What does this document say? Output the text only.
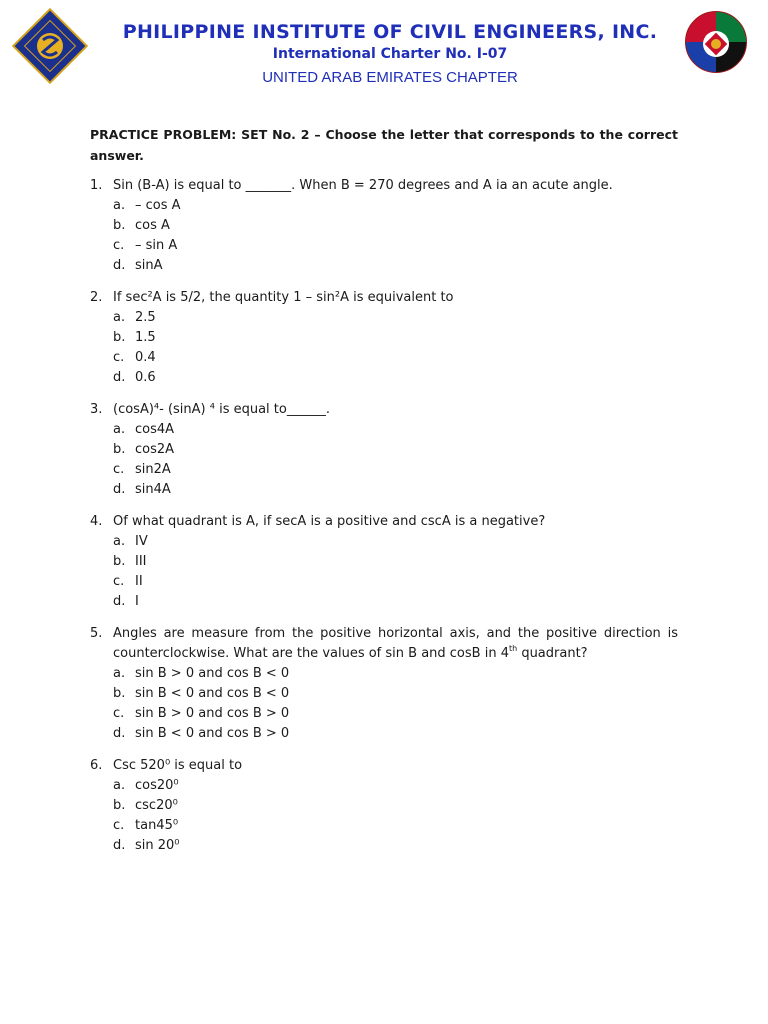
PHILIPPINE INSTITUTE OF CIVIL ENGINEERS, INC.
International Charter No. I-07
UNITED ARAB EMIRATES CHAPTER

PRACTICE PROBLEM: SET No. 2 – Choose the letter that corresponds to the correct answer.

1. Sin (B-A) is equal to _______. When B = 270 degrees and A ia an acute angle.
a. – cos A
b. cos A
c. – sin A
d. sinA
2. If sec²A is 5/2, the quantity 1 – sin²A is equivalent to
a. 2.5
b. 1.5
c. 0.4
d. 0.6
3. (cosA)⁴- (sinA) ⁴ is equal to______.
a. cos4A
b. cos2A
c. sin2A
d. sin4A
4. Of what quadrant is A, if secA is a positive and cscA is a negative?
a. IV
b. III
c. II
d. I
5. Angles are measure from the positive horizontal axis, and the positive direction is counterclockwise. What are the values of sin B and cosB in 4th quadrant?
a. sin B > 0 and cos B < 0
b. sin B < 0 and cos B < 0
c. sin B > 0 and cos B > 0
d. sin B < 0 and cos B > 0
6. Csc 520⁰ is equal to
a. cos20⁰
b. csc20⁰
c. tan45⁰
d. sin 20⁰
